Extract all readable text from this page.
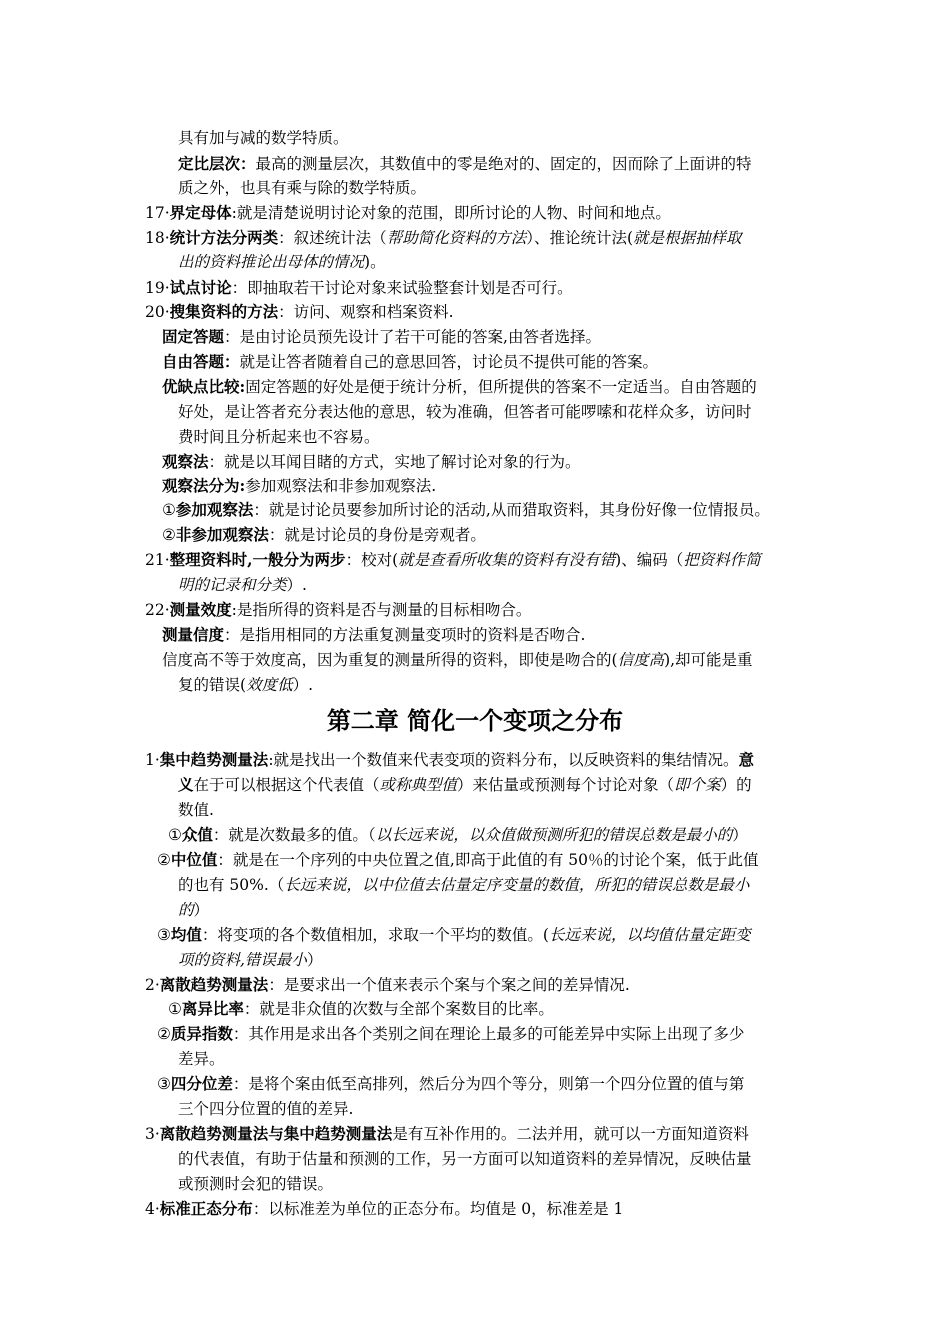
具有加与减的数学特质。
定比层次：最高的测量层次，其数值中的零是绝对的、固定的，因而除了上面讲的特
质之外，也具有乘与除的数学特质。
17·界定母体:就是清楚说明讨论对象的范围，即所讨论的人物、时间和地点。
18·统计方法分两类：叙述统计法（帮助简化资料的方法）、推论统计法(就是根据抽样取
出的资料推论出母体的情况)。
19·试点讨论：即抽取若干讨论对象来试验整套计划是否可行。
20·搜集资料的方法：访问、观察和档案资料.
固定答题：是由讨论员预先设计了若干可能的答案,由答者选择。
自由答题：就是让答者随着自己的意思回答，讨论员不提供可能的答案。
优缺点比较:固定答题的好处是便于统计分析，但所提供的答案不一定适当。自由答题的
好处，是让答者充分表达他的意思，较为准确，但答者可能啰嗦和花样众多，访问时
费时间且分析起来也不容易。
观察法：就是以耳闻目睹的方式，实地了解讨论对象的行为。
观察法分为:参加观察法和非参加观察法.
①参加观察法：就是讨论员要参加所讨论的活动,从而猎取资料，其身份好像一位情报员。
②非参加观察法：就是讨论员的身份是旁观者。
21·整理资料时,一般分为两步：校对(就是查看所收集的资料有没有错)、编码（把资料作简
明的记录和分类）.
22·测量效度:是指所得的资料是否与测量的目标相吻合。
测量信度：是指用相同的方法重复测量变项时的资料是否吻合.
信度高不等于效度高，因为重复的测量所得的资料，即使是吻合的(信度高),却可能是重
复的错误(效度低）.
第二章 简化一个变项之分布
1·集中趋势测量法:就是找出一个数值来代表变项的资料分布，以反映资料的集结情况。意
义在于可以根据这个代表值（或称典型值）来估量或预测每个讨论对象（即个案）的
数值.
①众值：就是次数最多的值。（以长远来说，以众值做预测所犯的错误总数是最小的）
②中位值：就是在一个序列的中央位置之值,即高于此值的有 50％的讨论个案，低于此值
的也有 50%.（长远来说，以中位值去估量定序变量的数值，所犯的错误总数是最小
的）
③均值：将变项的各个数值相加，求取一个平均的数值。(长远来说，以均值估量定距变
项的资料,错误最小）
2·离散趋势测量法：是要求出一个值来表示个案与个案之间的差异情况.
①离异比率：就是非众值的次数与全部个案数目的比率。
②质异指数：其作用是求出各个类别之间在理论上最多的可能差异中实际上出现了多少
差异。
③四分位差：是将个案由低至高排列，然后分为四个等分，则第一个四分位置的值与第
三个四分位置的值的差异.
3·离散趋势测量法与集中趋势测量法是有互补作用的。二法并用，就可以一方面知道资料
的代表值，有助于估量和预测的工作，另一方面可以知道资料的差异情况，反映估量
或预测时会犯的错误。
4·标准正态分布：以标准差为单位的正态分布。均值是 0，标准差是 1
